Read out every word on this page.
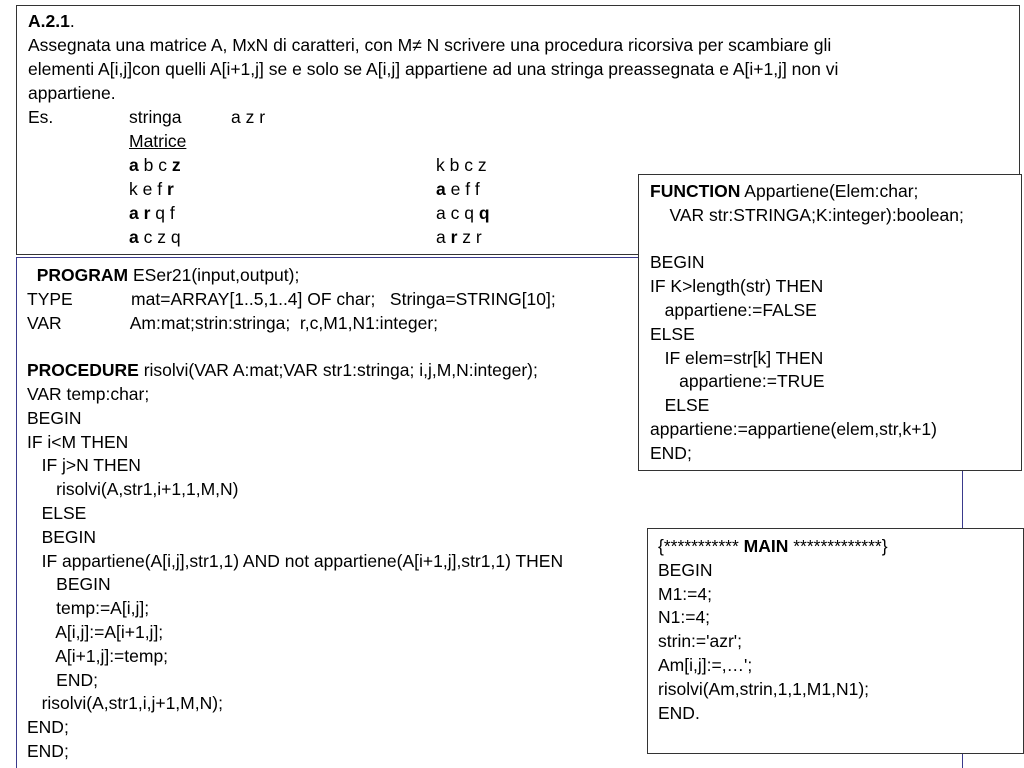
A.2.1.
Assegnata una matrice A, MxN di caratteri, con M≠ N scrivere una procedura ricorsiva per scambiare gli
elementi A[i,j]con quelli A[i+1,j] se e solo se A[i,j] appartiene ad una stringa preassegnata e A[i+1,j] non vi
appartiene.
Es.	stringa	a z r
Matrice
a b c z
k e f r
a r q f
a c z q
k b c z
a e f f
a c q q
a r z r
PROGRAM ESer21(input,output);
TYPE            mat=ARRAY[1..5,1..4] OF char;   Stringa=STRING[10];
VAR              Am:mat;strin:stringa;  r,c,M1,N1:integer;
PROCEDURE risolvi(VAR A:mat;VAR str1:stringa; i,j,M,N:integer);
VAR temp:char;
BEGIN
IF i<M THEN
IF j>N THEN
risolvi(A,str1,i+1,1,M,N)
ELSE
BEGIN
IF appartiene(A[i,j],str1,1) AND not appartiene(A[i+1,j],str1,1) THEN
BEGIN
temp:=A[i,j];
A[i,j]:=A[i+1,j];
A[i+1,j]:=temp;
END;
risolvi(A,str1,i,j+1,M,N);
END;
END;
FUNCTION Appartiene(Elem:char;
VAR str:STRINGA;K:integer):boolean;
BEGIN
IF K>length(str) THEN
appartiene:=FALSE
ELSE
IF elem=str[k] THEN
appartiene:=TRUE
ELSE
appartiene:=appartiene(elem,str,k+1)
END;
{*********** MAIN *************}
BEGIN
M1:=4;
N1:=4;
strin:='azr';
Am[i,j]:=,…';
risolvi(Am,strin,1,1,M1,N1);
END.
